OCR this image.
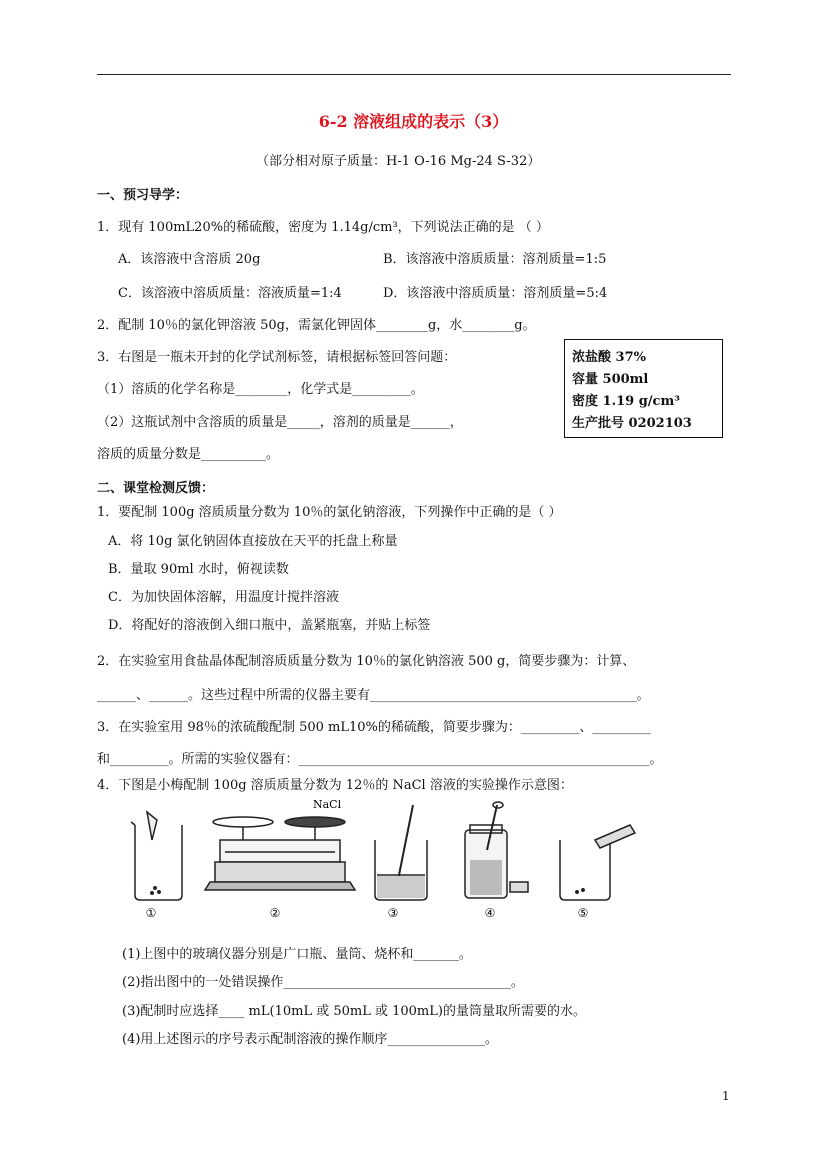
6-2 溶液组成的表示（3）
（部分相对原子质量：H-1 O-16 Mg-24 S-32）
一、预习导学：
1．现有 100mL20%的稀硫酸，密度为 1.14g/cm³，下列说法正确的是 （ ）
A．该溶液中含溶质 20g	B．该溶液中溶质质量：溶剂质量=1:5
C．该溶液中溶质质量：溶液质量=1:4	D．该溶液中溶质质量：溶剂质量=5:4
2．配制 10％的氯化钾溶液 50g，需氯化钾固体________g，水________g。
3．右图是一瓶未开封的化学试剂标签，请根据标签回答问题：
（1）溶质的化学名称是________，化学式是_________。
（2）这瓶试剂中含溶质的质量是_____，溶剂的质量是______，
溶质的质量分数是__________。
浓盐酸 37%
容量 500ml
密度 1.19 g/cm³
生产批号 0202103
二、课堂检测反馈：
1．要配制 100g 溶质质量分数为 10％的氯化钠溶液，下列操作中正确的是（ ）
A．将 10g 氯化钠固体直接放在天平的托盘上称量
B．量取 90ml 水时，俯视读数
C．为加快固体溶解，用温度计搅拌溶液
D．将配好的溶液倒入细口瓶中，盖紧瓶塞，并贴上标签
2．在实验室用食盐晶体配制溶质质量分数为 10％的氯化钠溶液 500 g，简要步骤为：计算、
______、______。这些过程中所需的仪器主要有_________________________________________。
3．在实验室用 98％的浓硫酸配制 500 mL10%的稀硫酸，简要步骤为：_________、_________
和_________。所需的实验仪器有：______________________________________________________。
4．下图是小梅配制 100g 溶质质量分数为 12％的 NaCl 溶液的实验操作示意图：
NaCl
①	②	③	④	⑤
(1)上图中的玻璃仪器分别是广口瓶、量筒、烧杯和_______。
(2)指出图中的一处错误操作___________________________________。
(3)配制时应选择____ mL(10mL 或 50mL 或 100mL)的量筒量取所需要的水。
(4)用上述图示的序号表示配制溶液的操作顺序_______________。
1
